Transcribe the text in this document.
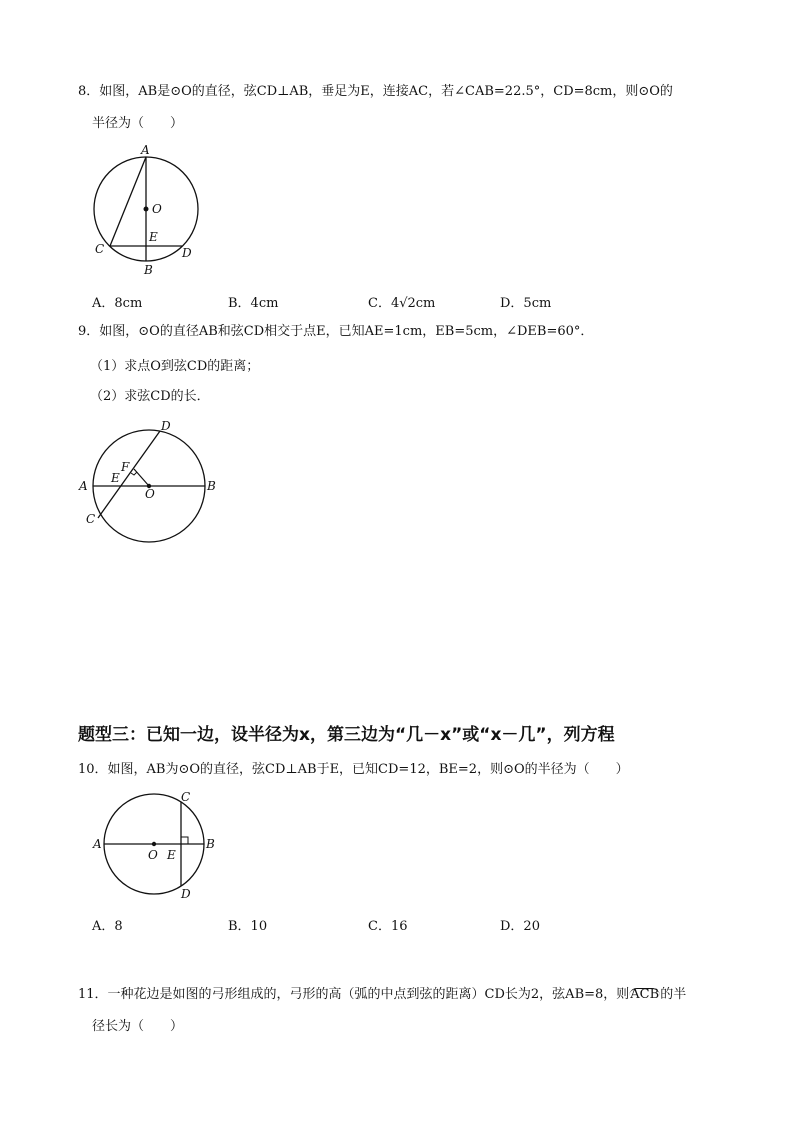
8．如图，AB是⊙O的直径，弦CD⊥AB，垂足为E，连接AC，若∠CAB=22.5°，CD=8cm，则⊙O的
半径为（　　）
A
O
E
C	D
B
A．8cm	B．4cm	C．4√2cm	D．5cm
9．如图，⊙O的直径AB和弦CD相交于点E，已知AE=1cm，EB=5cm，∠DEB=60°．
（1）求点O到弦CD的距离；
（2）求弦CD的长．
D
F
E
A
O
B
C
题型三：已知一边，设半径为x，第三边为“几－x”或“x－几”，列方程
10．如图，AB为⊙O的直径，弦CD⊥AB于E，已知CD=12，BE=2，则⊙O的半径为（　　）
C
A
O E
B
D
A．8	B．10	C．16	D．20
11．一种花边是如图的弓形组成的，弓形的高（弧的中点到弦的距离）CD长为2，弦AB=8，则ACB的半
径长为（　　）
